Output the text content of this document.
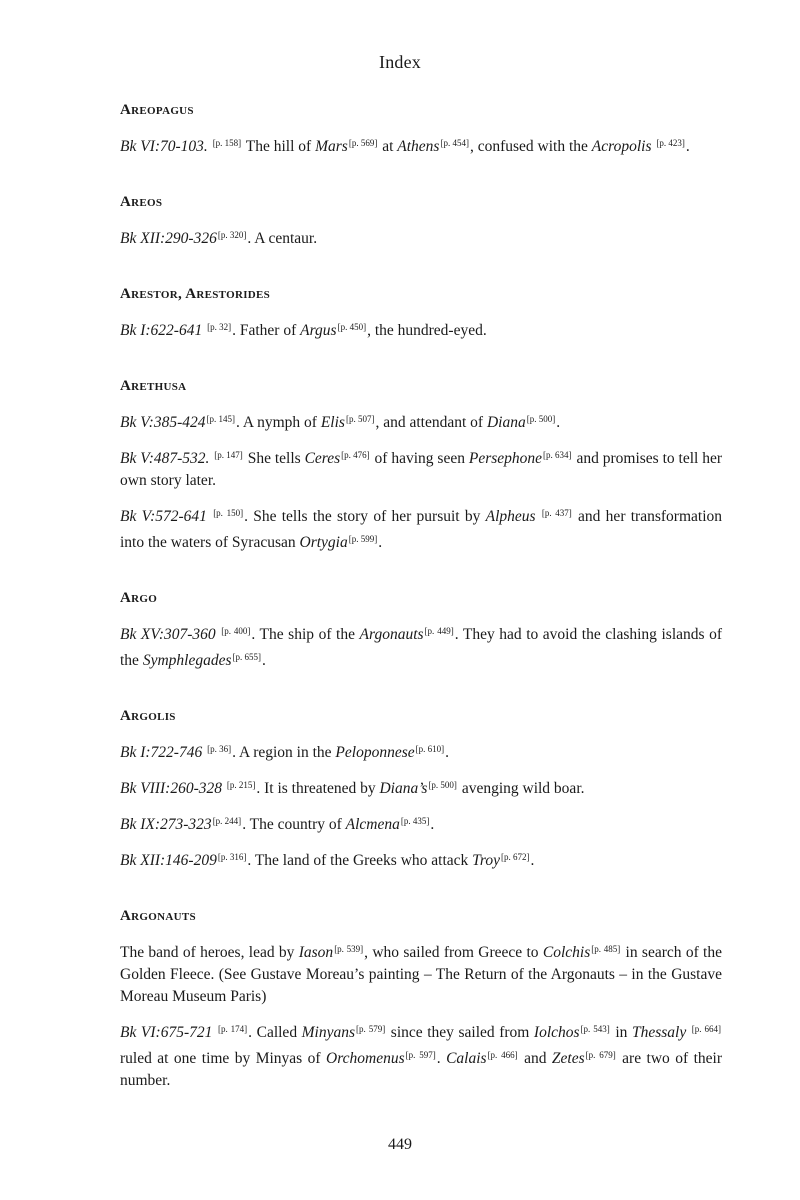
Index
Areopagus
Bk VI:70-103. [p. 158] The hill of Mars[p. 569] at Athens[p. 454], confused with the Acropolis [p. 423].
Areos
Bk XII:290-326[p. 320]. A centaur.
Arestor, Arestorides
Bk I:622-641 [p. 32]. Father of Argus[p. 450], the hundred-eyed.
Arethusa
Bk V:385-424[p. 145]. A nymph of Elis[p. 507], and attendant of Diana[p. 500].
Bk V:487-532. [p. 147] She tells Ceres[p. 476] of having seen Persephone[p. 634] and promises to tell her own story later.
Bk V:572-641 [p. 150]. She tells the story of her pursuit by Alpheus [p. 437] and her transformation into the waters of Syracusan Ortygia[p. 599].
Argo
Bk XV:307-360 [p. 400]. The ship of the Argonauts[p. 449]. They had to avoid the clashing islands of the Symphlegades[p. 655].
Argolis
Bk I:722-746 [p. 36]. A region in the Peloponnese[p. 610].
Bk VIII:260-328 [p. 215]. It is threatened by Diana’s[p. 500] avenging wild boar.
Bk IX:273-323[p. 244]. The country of Alcmena[p. 435].
Bk XII:146-209[p. 316]. The land of the Greeks who attack Troy[p. 672].
Argonauts
The band of heroes, lead by Iason[p. 539], who sailed from Greece to Colchis[p. 485] in search of the Golden Fleece. (See Gustave Moreau’s painting – The Return of the Argonauts – in the Gustave Moreau Museum Paris)
Bk VI:675-721 [p. 174]. Called Minyans[p. 579] since they sailed from Iolchos[p. 543] in Thessaly [p. 664] ruled at one time by Minyas of Orchomenus[p. 597]. Calais[p. 466] and Zetes[p. 679] are two of their number.
449
